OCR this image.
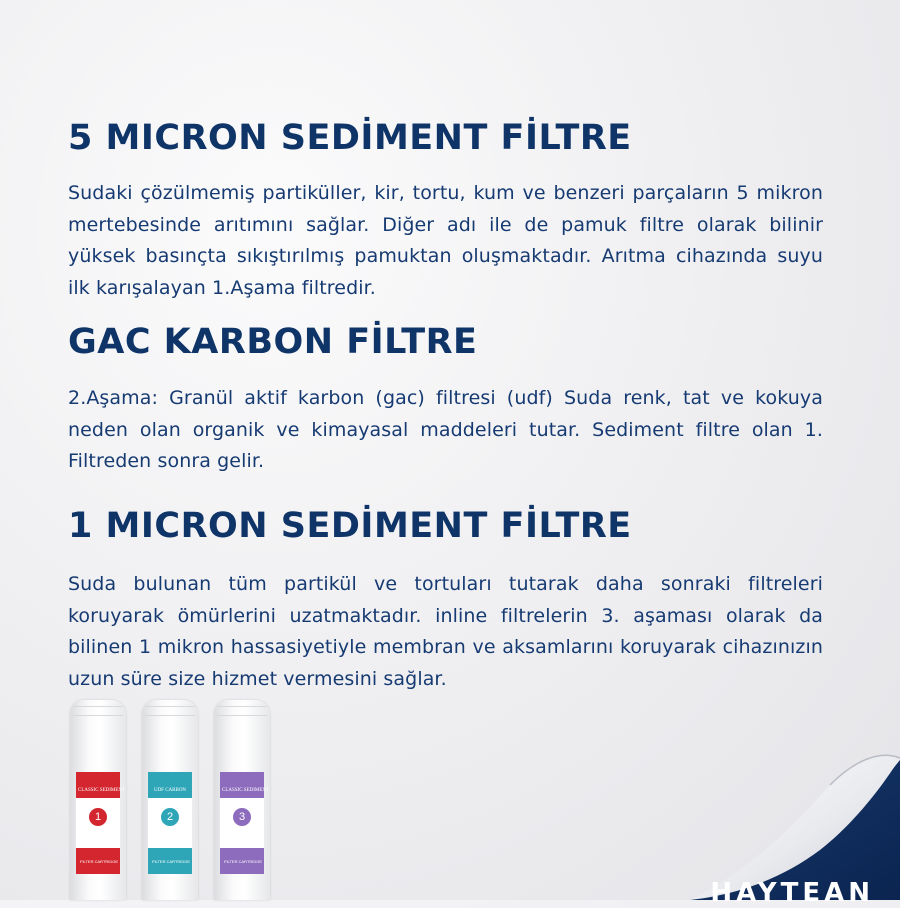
5 MICRON SEDİMENT FİLTRE

Sudaki çözülmemiş partiküller, kir, tortu, kum ve benzeri parçaların 5 mikron mertebesinde arıtımını sağlar. Diğer adı ile de pamuk filtre olarak bilinir yüksek basınçta sıkıştırılmış pamuktan oluşmaktadır. Arıtma cihazında suyu ilk karışalayan 1.Aşama filtredir.

GAC KARBON FİLTRE

2.Aşama: Granül aktif karbon (gac) filtresi (udf) Suda renk, tat ve kokuya neden olan organik ve kimayasal maddeleri tutar. Sediment filtre olan 1. Filtreden sonra gelir.

1 MICRON SEDİMENT FİLTRE

Suda bulunan tüm partikül ve tortuları tutarak daha sonraki filtreleri koruyarak ömürlerini uzatmaktadır. inline filtrelerin 3. aşaması olarak da bilinen 1 mikron hassasiyetiyle membran ve aksamlarını koruyarak cihazınızın uzun süre size hizmet vermesini sağlar.

CLASSIC SEDIMENT
1
FILTER CARTRIDGE
UDF CARBON
2
FILTER CARTRIDGE
CLASSIC SEDIMENT
3
FILTER CARTRIDGE

HAYTEAN
